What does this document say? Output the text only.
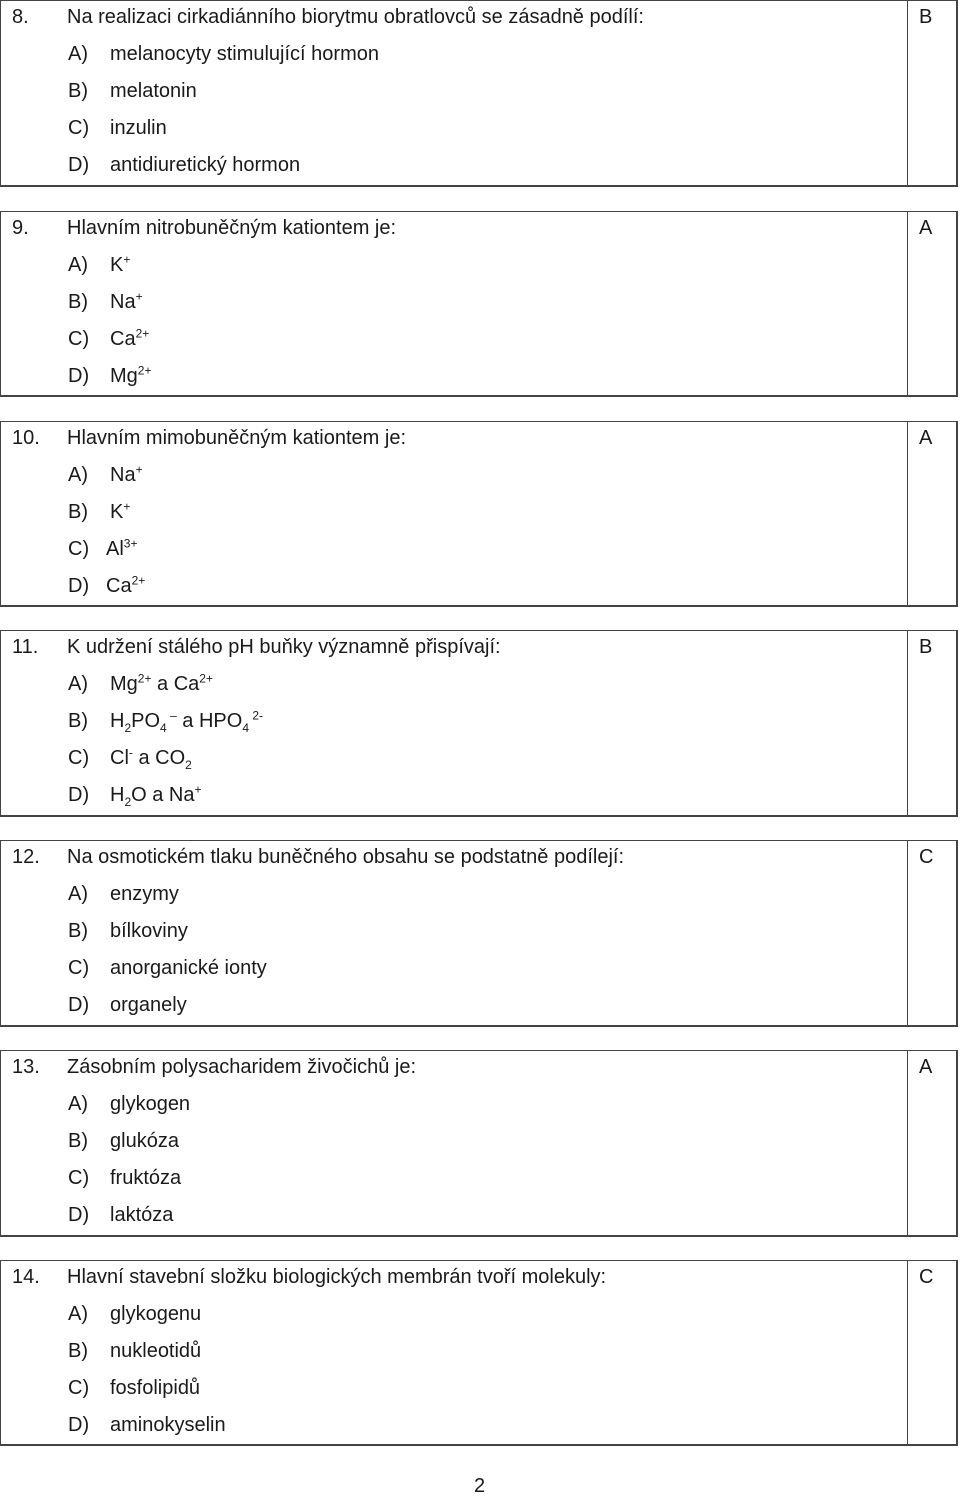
8. Na realizaci cirkadiánního biorytmu obratlovců se zásadně podílí:
A) melanocyty stimulující hormon
B) melatonin
C) inzulin
D) antidiuretický hormon
B
9. Hlavním nitrobuněčným kationtem je:
A) K+
B) Na+
C) $Ca^{2+}$
D) $Mg^{2+}$
A
10. Hlavním mimobuněčným kationtem je:
A) Na+
B) K+
C) $Al^{3+}$
D) $Ca^{2+}$
A
11. K udržení stálého pH buňky významně přispívají:
A) $Mg^{2+}$ a $Ca^{2+}$
B) $H_2PO_4$ – a $HPO_4$ $^{2-}$
C) Cl- a $CO_2$
D) $H_2O$ a Na+
B
12. Na osmotickém tlaku buněčného obsahu se podstatně podílejí:
A) enzymy
B) bílkoviny
C) anorganické ionty
D) organely
C
13. Zásobním polysacharidem živočichů je:
A) glykogen
B) glukóza
C) fruktóza
D) laktóza
A
14. Hlavní stavební složku biologických membrán tvoří molekuly:
A) glykogenu
B) nukleotidů
C) fosfolipidů
D) aminokyselin
C
2
